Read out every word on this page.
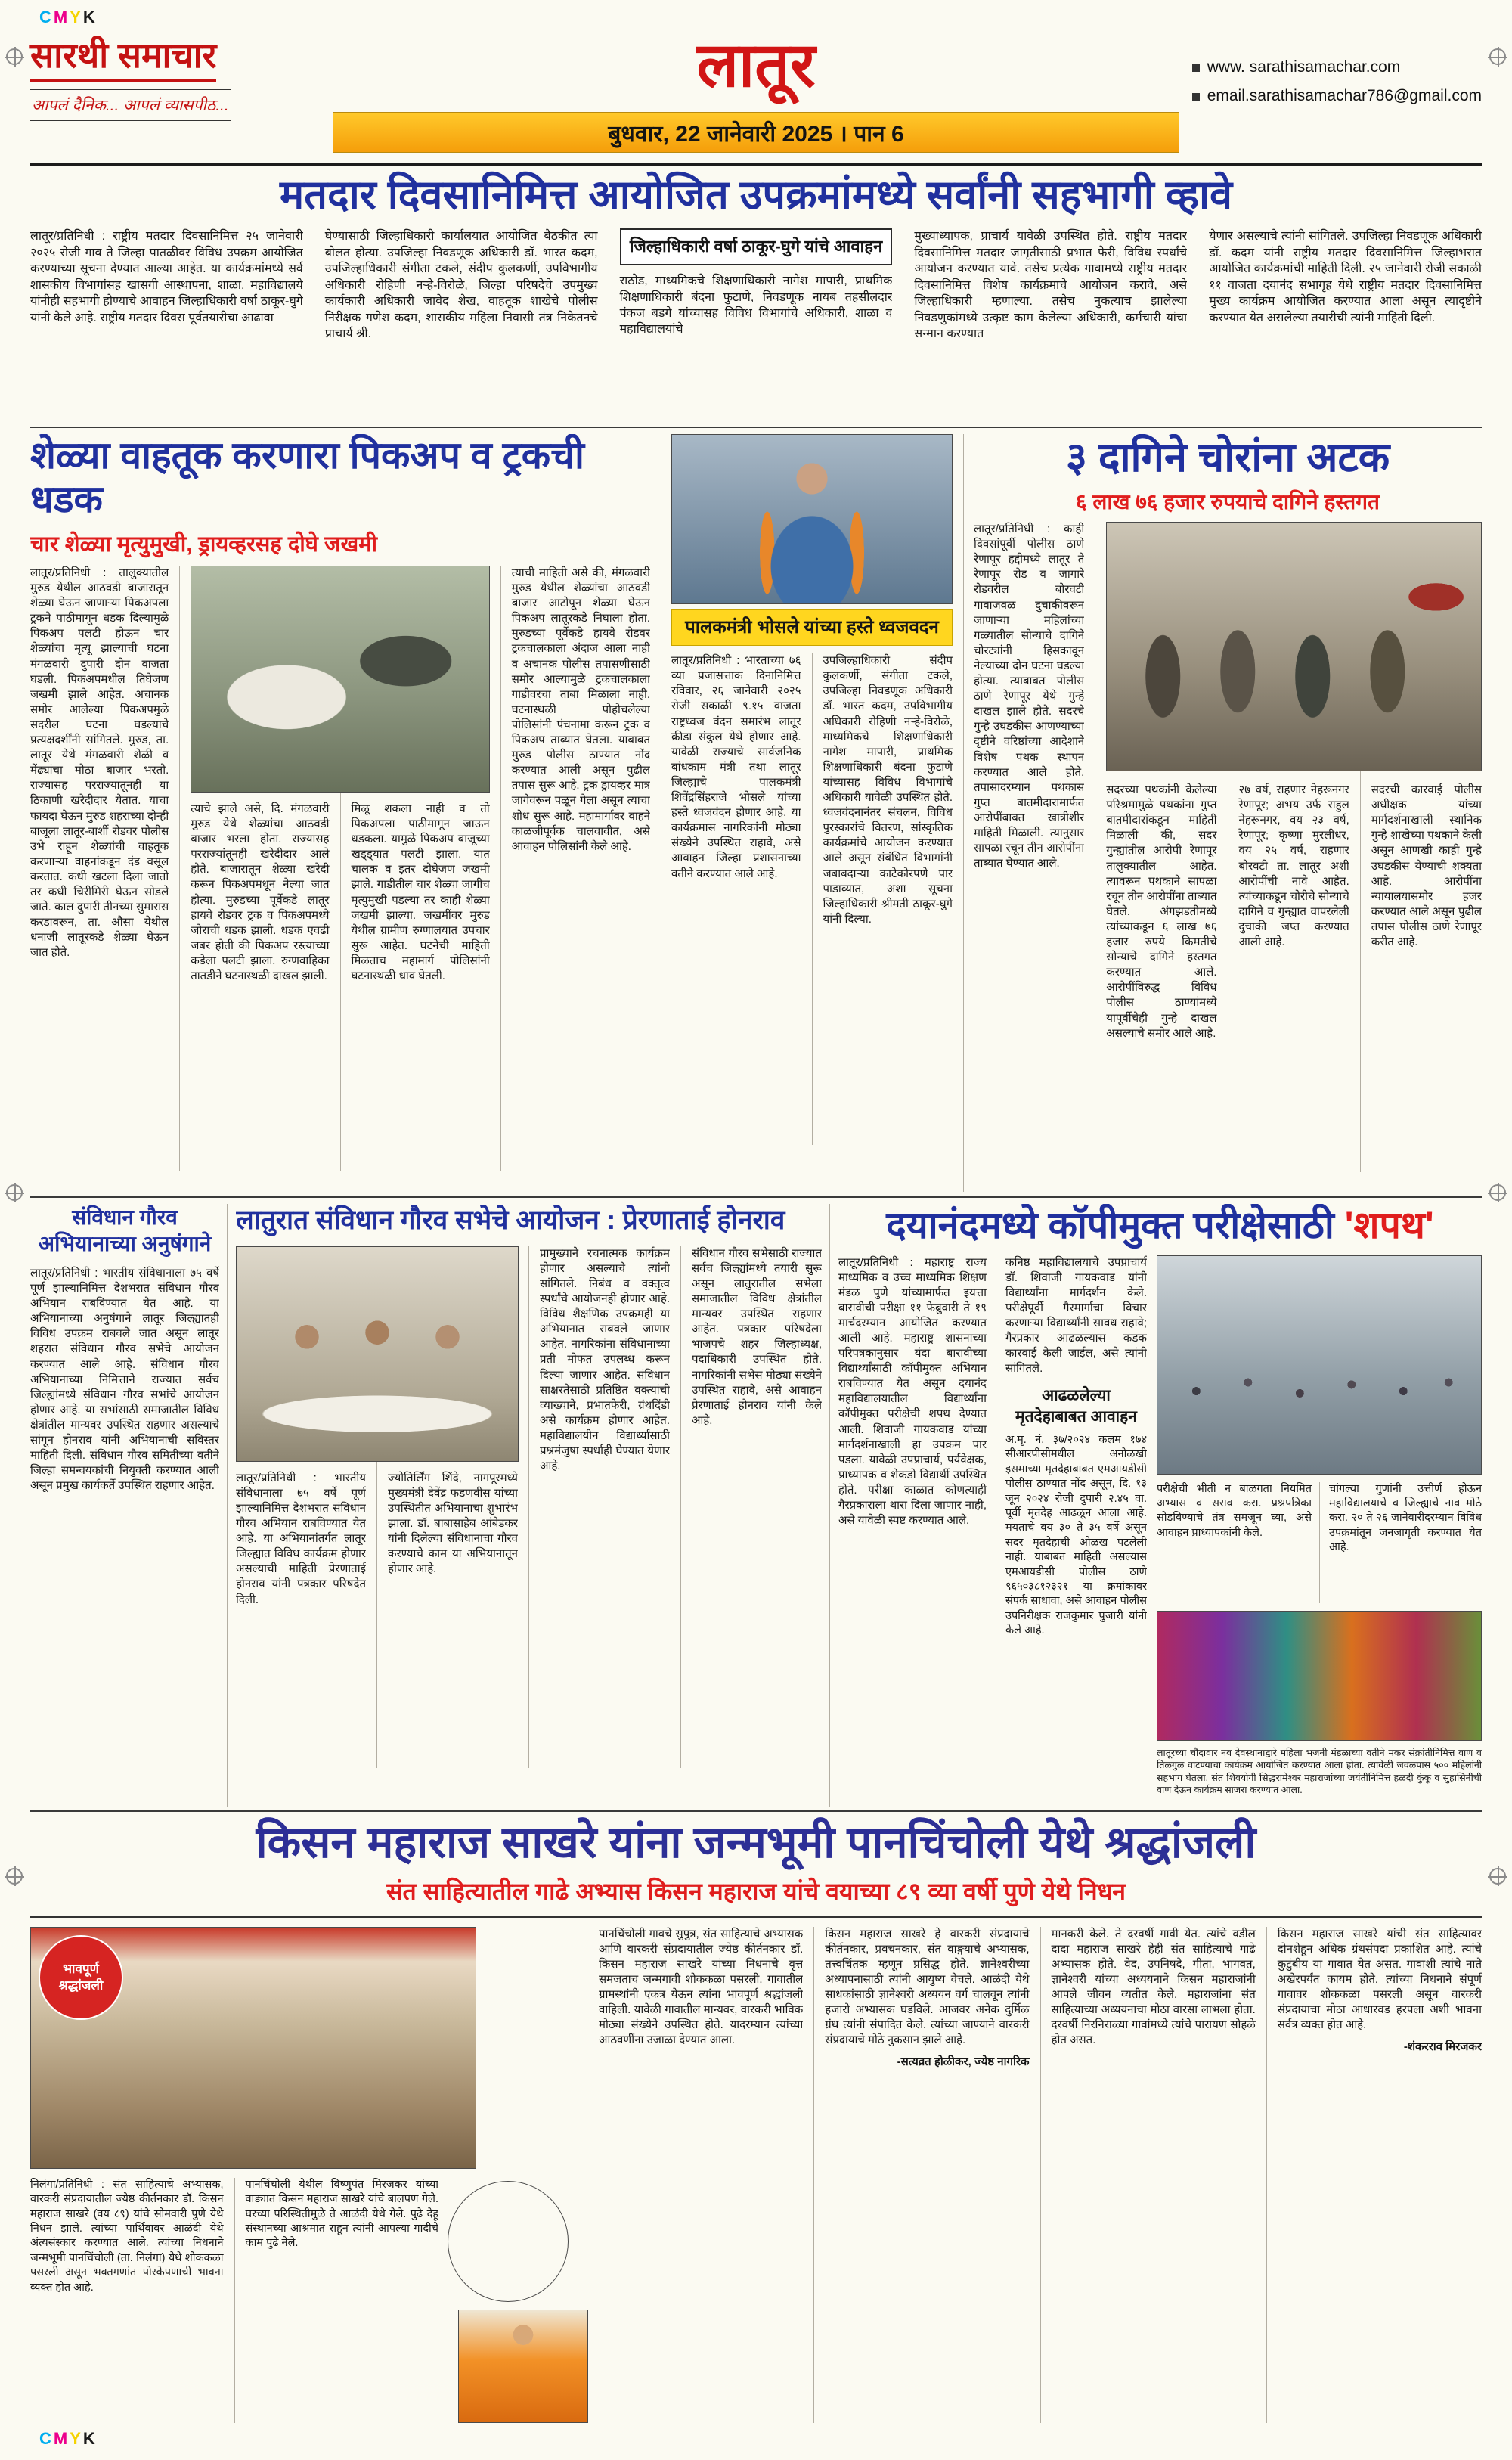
CMYK
सारथी समाचार
आपलं दैनिक... आपलं व्यासपीठ...
लातूर
बुधवार, 22 जानेवारी 2025 । पान 6
www. sarathisamachar.com
email.sarathisamachar786@gmail.com
मतदार दिवसानिमित्त आयोजित उपक्रमांमध्ये सर्वांनी सहभागी व्हावे

लातूर/प्रतिनिधी : राष्ट्रीय मतदार दिवसानिमित्त २५ जानेवारी २०२५ रोजी गाव ते जिल्हा पातळीवर विविध उपक्रम आयोजित करण्याच्या सूचना देण्यात आल्या आहेत. या कार्यक्रमांमध्ये सर्व शासकीय विभागांसह खासगी आस्थापना, शाळा, महाविद्यालये यांनीही सहभागी होण्याचे आवाहन जिल्हाधिकारी वर्षा ठाकूर-घुगे यांनी केले आहे. राष्ट्रीय मतदार दिवस पूर्वतयारीचा आढावा

घेण्यासाठी जिल्हाधिकारी कार्यालयात आयोजित बैठकीत त्या बोलत होत्या. उपजिल्हा निवडणूक अधिकारी डॉ. भारत कदम, उपजिल्हाधिकारी संगीता टकले, संदीप कुलकर्णी, उपविभागीय अधिकारी रोहिणी नऱ्हे-विरोळे, जिल्हा परिषदेचे उपमुख्य कार्यकारी अधिकारी जावेद शेख, वाहतूक शाखेचे पोलीस निरीक्षक गणेश कदम, शासकीय महिला निवासी तंत्र निकेतनचे प्राचार्य श्री.

जिल्हाधिकारी वर्षा ठाकूर-घुगे यांचे आवाहन

राठोड, माध्यमिकचे शिक्षणाधिकारी नागेश मापारी, प्राथमिक शिक्षणाधिकारी बंदना फुटाणे, निवडणूक नायब तहसीलदार पंकज बडगे यांच्यासह विविध विभागांचे अधिकारी, शाळा व महाविद्यालयांचे

मुख्याध्यापक, प्राचार्य यावेळी उपस्थित होते. राष्ट्रीय मतदार दिवसानिमित्त मतदार जागृतीसाठी प्रभात फेरी, विविध स्पर्धांचे आयोजन करण्यात यावे. तसेच प्रत्येक गावामध्ये राष्ट्रीय मतदार दिवसानिमित्त विशेष कार्यक्रमाचे आयोजन करावे, असे जिल्हाधिकारी म्हणाल्या. तसेच नुकत्याच झालेल्या निवडणुकांमध्ये उत्कृष्ट काम केलेल्या अधिकारी, कर्मचारी यांचा सन्मान करण्यात

येणार असल्याचे त्यांनी सांगितले. उपजिल्हा निवडणूक अधिकारी डॉ. कदम यांनी राष्ट्रीय मतदार दिवसानिमित्त जिल्हाभरात आयोजित कार्यक्रमांची माहिती दिली. २५ जानेवारी रोजी सकाळी ११ वाजता दयानंद सभागृह येथे राष्ट्रीय मतदार दिवसानिमित्त मुख्य कार्यक्रम आयोजित करण्यात आला असून त्यादृष्टीने करण्यात येत असलेल्या तयारीची त्यांनी माहिती दिली.

शेळ्या वाहतूक करणारा पिकअप व ट्रकची धडक
चार शेळ्या मृत्युमुखी, ड्रायव्हरसह दोघे जखमी

लातूर/प्रतिनिधी : तालुक्यातील मुरुड येथील आठवडी बाजारातून शेळ्या घेऊन जाणाऱ्या पिकअपला ट्रकने पाठीमागून धडक दिल्यामुळे पिकअप पलटी होऊन चार शेळ्यांचा मृत्यू झाल्याची घटना मंगळवारी दुपारी दोन वाजता घडली. पिकअपमधील तिघेजण जखमी झाले आहेत. अचानक समोर आलेल्या पिकअपमुळे सदरील घटना घडल्याचे प्रत्यक्षदर्शींनी सांगितले. मुरुड, ता. लातूर येथे मंगळवारी शेळी व मेंढ्यांचा मोठा बाजार भरतो. राज्यासह परराज्यातूनही या ठिकाणी खरेदीदार येतात. याचा फायदा घेऊन मुरुड शहराच्या दोन्ही बाजूला लातूर-बार्शी रोडवर पोलीस उभे राहून शेळ्यांची वाहतूक करणाऱ्या वाहनांकडून दंड वसूल करतात. कधी खटला दिला जातो तर कधी चिरीमिरी घेऊन सोडले जाते. काल दुपारी तीनच्या सुमारास करडावरून, ता. औसा येथील धनाजी लातूरकडे शेळ्या घेऊन जात होते.

त्याचे झाले असे, दि. मंगळवारी मुरुड येथे शेळ्यांचा आठवडी बाजार भरला होता. राज्यासह परराज्यांतूनही खरेदीदार आले होते. बाजारातून शेळ्या खरेदी करून पिकअपमधून नेल्या जात होत्या. मुरुडच्या पूर्वेकडे लातूर हायवे रोडवर ट्रक व पिकअपमध्ये जोराची धडक झाली. धडक एवढी जबर होती की पिकअप रस्त्याच्या कडेला पलटी झाला. रुग्णवाहिका तातडीने घटनास्थळी दाखल झाली.

मिळू शकला नाही व तो पिकअपला पाठीमागून जाऊन धडकला. यामुळे पिकअप बाजूच्या खड्ड्यात पलटी झाला. यात चालक व इतर दोघेजण जखमी झाले. गाडीतील चार शेळ्या जागीच मृत्युमुखी पडल्या तर काही शेळ्या जखमी झाल्या. जखमींवर मुरुड येथील ग्रामीण रुग्णालयात उपचार सुरू आहेत. घटनेची माहिती मिळताच महामार्ग पोलिसांनी घटनास्थळी धाव घेतली.

त्याची माहिती असे की, मंगळवारी मुरुड येथील शेळ्यांचा आठवडी बाजार आटोपून शेळ्या घेऊन पिकअप लातूरकडे निघाला होता. मुरुडच्या पूर्वेकडे हायवे रोडवर ट्रकचालकाला अंदाज आला नाही व अचानक पोलीस तपासणीसाठी समोर आल्यामुळे ट्रकचालकाला गाडीवरचा ताबा मिळाला नाही. घटनास्थळी पोहोचलेल्या पोलिसांनी पंचनामा करून ट्रक व पिकअप ताब्यात घेतला. याबाबत मुरुड पोलीस ठाण्यात नोंद करण्यात आली असून पुढील तपास सुरू आहे. ट्रक ड्रायव्हर मात्र जागेवरून पळून गेला असून त्याचा शोध सुरू आहे. महामार्गावर वाहने काळजीपूर्वक चालवावीत, असे आवाहन पोलिसांनी केले आहे.

पालकमंत्री भोसले यांच्या हस्ते ध्वजवदन

लातूर/प्रतिनिधी : भारताच्या ७६ व्या प्रजासत्ताक दिनानिमित्त रविवार, २६ जानेवारी २०२५ रोजी सकाळी ९.१५ वाजता राष्ट्रध्वज वंदन समारंभ लातूर क्रीडा संकुल येथे होणार आहे. यावेळी राज्याचे सार्वजनिक बांधकाम मंत्री तथा लातूर जिल्ह्याचे पालकमंत्री शिवेंद्रसिंहराजे भोसले यांच्या हस्ते ध्वजवंदन होणार आहे. या कार्यक्रमास नागरिकांनी मोठ्या संख्येने उपस्थित राहावे, असे आवाहन जिल्हा प्रशासनाच्या वतीने करण्यात आले आहे.

उपजिल्हाधिकारी संदीप कुलकर्णी, संगीता टकले, उपजिल्हा निवडणूक अधिकारी डॉ. भारत कदम, उपविभागीय अधिकारी रोहिणी नऱ्हे-विरोळे, माध्यमिकचे शिक्षणाधिकारी नागेश मापारी, प्राथमिक शिक्षणाधिकारी बंदना फुटाणे यांच्यासह विविध विभागांचे अधिकारी यावेळी उपस्थित होते. ध्वजवंदनानंतर संचलन, विविध पुरस्कारांचे वितरण, सांस्कृतिक कार्यक्रमांचे आयोजन करण्यात आले असून संबंधित विभागांनी जबाबदाऱ्या काटेकोरपणे पार पाडाव्यात, अशा सूचना जिल्हाधिकारी श्रीमती ठाकूर-घुगे यांनी दिल्या.

३ दागिने चोरांना अटक
६ लाख ७६ हजार रुपयाचे दागिने हस्तगत

लातूर/प्रतिनिधी : काही दिवसांपूर्वी पोलीस ठाणे रेणापूर हद्दीमध्ये लातूर ते रेणापूर रोड व जागारे रोडवरील बोरवटी गावाजवळ दुचाकीवरून जाणाऱ्या महिलांच्या गळ्यातील सोन्याचे दागिने चोरट्यांनी हिसकावून नेल्याच्या दोन घटना घडल्या होत्या. त्याबाबत पोलीस ठाणे रेणापूर येथे गुन्हे दाखल झाले होते. सदरचे गुन्हे उघडकीस आणण्याच्या दृष्टीने वरिष्ठांच्या आदेशाने विशेष पथक स्थापन करण्यात आले होते. तपासादरम्यान पथकास गुप्त बातमीदारामार्फत आरोपींबाबत खात्रीशीर माहिती मिळाली. त्यानुसार सापळा रचून तीन आरोपींना ताब्यात घेण्यात आले.

सदरच्या पथकांनी केलेल्या परिश्रमामुळे पथकांना गुप्त बातमीदारांकडून माहिती मिळाली की, सदर गुन्ह्यांतील आरोपी रेणापूर तालुक्यातील आहेत. त्यावरून पथकाने सापळा रचून तीन आरोपींना ताब्यात घेतले. अंगझडतीमध्ये त्यांच्याकडून ६ लाख ७६ हजार रुपये किमतीचे सोन्याचे दागिने हस्तगत करण्यात आले. आरोपींविरुद्ध विविध पोलीस ठाण्यांमध्ये यापूर्वीचेही गुन्हे दाखल असल्याचे समोर आले आहे.

२७ वर्ष, राहणार नेहरूनगर रेणापूर; अभय उर्फ राहुल नेहरूनगर, वय २३ वर्ष, रेणापूर; कृष्णा मुरलीधर, वय २५ वर्ष, राहणार बोरवटी ता. लातूर अशी आरोपींची नावे आहेत. त्यांच्याकडून चोरीचे सोन्याचे दागिने व गुन्ह्यात वापरलेली दुचाकी जप्त करण्यात आली आहे.

सदरची कारवाई पोलीस अधीक्षक यांच्या मार्गदर्शनाखाली स्थानिक गुन्हे शाखेच्या पथकाने केली असून आणखी काही गुन्हे उघडकीस येण्याची शक्यता आहे. आरोपींना न्यायालयासमोर हजर करण्यात आले असून पुढील तपास पोलीस ठाणे रेणापूर करीत आहे.

संविधान गौरव अभियानाच्या अनुषंगाने

लातूर/प्रतिनिधी : भारतीय संविधानाला ७५ वर्षे पूर्ण झाल्यानिमित्त देशभरात संविधान गौरव अभियान राबविण्यात येत आहे. या अभियानाच्या अनुषंगाने लातूर जिल्ह्यातही विविध उपक्रम राबवले जात असून लातूर शहरात संविधान गौरव सभेचे आयोजन करण्यात आले आहे. संविधान गौरव अभियानाच्या निमित्ताने राज्यात सर्वच जिल्ह्यांमध्ये संविधान गौरव सभांचे आयोजन होणार आहे. या सभांसाठी समाजातील विविध क्षेत्रांतील मान्यवर उपस्थित राहणार असल्याचे सांगून होनराव यांनी अभियानाची सविस्तर माहिती दिली. संविधान गौरव समितीच्या वतीने जिल्हा समन्वयकांची नियुक्ती करण्यात आली असून प्रमुख कार्यकर्ते उपस्थित राहणार आहेत.

लातुरात संविधान गौरव सभेचे आयोजन : प्रेरणाताई होनराव

लातूर/प्रतिनिधी : भारतीय संविधानाला ७५ वर्षे पूर्ण झाल्यानिमित्त देशभरात संविधान गौरव अभियान राबविण्यात येत आहे. या अभियानांतर्गत लातूर जिल्ह्यात विविध कार्यक्रम होणार असल्याची माहिती प्रेरणाताई होनराव यांनी पत्रकार परिषदेत दिली.

ज्योतिर्लिंग शिंदे, नागपूरमध्ये मुख्यमंत्री देवेंद्र फडणवीस यांच्या उपस्थितीत अभियानाचा शुभारंभ झाला. डॉ. बाबासाहेब आंबेडकर यांनी दिलेल्या संविधानाचा गौरव करण्याचे काम या अभियानातून होणार आहे.

प्रामुख्याने रचनात्मक कार्यक्रम होणार असल्याचे त्यांनी सांगितले. निबंध व वक्तृत्व स्पर्धांचे आयोजनही होणार आहे. विविध शैक्षणिक उपक्रमही या अभियानात राबवले जाणार आहेत. नागरिकांना संविधानाच्या प्रती मोफत उपलब्ध करून दिल्या जाणार आहेत. संविधान साक्षरतेसाठी प्रतिष्ठित वक्त्यांची व्याख्याने, प्रभातफेरी, ग्रंथदिंडी असे कार्यक्रम होणार आहेत. महाविद्यालयीन विद्यार्थ्यांसाठी प्रश्नमंजुषा स्पर्धाही घेण्यात येणार आहे.

संविधान गौरव सभेसाठी राज्यात सर्वच जिल्ह्यांमध्ये तयारी सुरू असून लातुरातील सभेला समाजातील विविध क्षेत्रांतील मान्यवर उपस्थित राहणार आहेत. पत्रकार परिषदेला भाजपचे शहर जिल्हाध्यक्ष, पदाधिकारी उपस्थित होते. नागरिकांनी सभेस मोठ्या संख्येने उपस्थित राहावे, असे आवाहन प्रेरणाताई होनराव यांनी केले आहे.

दयानंदमध्ये कॉपीमुक्त परीक्षेसाठी 'शपथ'

लातूरच्या चौदावार नव देवस्थानाद्वारे महिला भजनी मंडळाच्या वतीने मकर संक्रांतीनिमित्त वाण व तिळगुळ वाटण्याचा कार्यक्रम आयोजित करण्यात आला होता. त्यावेळी जवळपास ५०० महिलांनी सहभाग घेतला. संत शिवयोगी सिद्धरामेश्वर महाराजांच्या जयंतीनिमित्त हळदी कुंकू व सुहासिनींची वाण देऊन कार्यक्रम साजरा करण्यात आला.

लातूर/प्रतिनिधी : महाराष्ट्र राज्य माध्यमिक व उच्च माध्यमिक शिक्षण मंडळ पुणे यांच्यामार्फत इयत्ता बारावीची परीक्षा ११ फेब्रुवारी ते १९ मार्चदरम्यान आयोजित करण्यात आली आहे. महाराष्ट्र शासनाच्या परिपत्रकानुसार यंदा बारावीच्या विद्यार्थ्यांसाठी कॉपीमुक्त अभियान राबविण्यात येत असून दयानंद महाविद्यालयातील विद्यार्थ्यांना कॉपीमुक्त परीक्षेची शपथ देण्यात आली. शिवाजी गायकवाड यांच्या मार्गदर्शनाखाली हा उपक्रम पार पडला. यावेळी उपप्राचार्य, पर्यवेक्षक, प्राध्यापक व शेकडो विद्यार्थी उपस्थित होते. परीक्षा काळात कोणत्याही गैरप्रकाराला थारा दिला जाणार नाही, असे यावेळी स्पष्ट करण्यात आले.

कनिष्ठ महाविद्यालयाचे उपप्राचार्य डॉ. शिवाजी गायकवाड यांनी विद्यार्थ्यांना मार्गदर्शन केले. परीक्षेपूर्वी गैरमार्गाचा विचार करणाऱ्या विद्यार्थ्यांनी सावध राहावे; गैरप्रकार आढळल्यास कडक कारवाई केली जाईल, असे त्यांनी सांगितले.

आढळलेल्या मृतदेहाबाबत आवाहन

अ.मृ. नं. ३७/२०२४ कलम १७४ सीआरपीसीमधील अनोळखी इसमाच्या मृतदेहाबाबत एमआयडीसी पोलीस ठाण्यात नोंद असून, दि. १३ जून २०२४ रोजी दुपारी २.४५ वा. पूर्वी मृतदेह आढळून आला आहे. मयताचे वय ३० ते ३५ वर्षे असून सदर मृतदेहाची ओळख पटलेली नाही. याबाबत माहिती असल्यास एमआयडीसी पोलीस ठाणे ९६५०३८१२३२१ या क्रमांकावर संपर्क साधावा, असे आवाहन पोलीस उपनिरीक्षक राजकुमार पुजारी यांनी केले आहे.

परीक्षेची भीती न बाळगता नियमित अभ्यास व सराव करा. प्रश्नपत्रिका सोडविण्याचे तंत्र समजून घ्या, असे आवाहन प्राध्यापकांनी केले.

चांगल्या गुणांनी उत्तीर्ण होऊन महाविद्यालयाचे व जिल्ह्याचे नाव मोठे करा. २० ते २६ जानेवारीदरम्यान विविध उपक्रमांतून जनजागृती करण्यात येत आहे.

किसन महाराज साखरे यांना जन्मभूमी पानचिंचोली येथे श्रद्धांजली
संत साहित्यातील गाढे अभ्यास किसन महाराज यांचे वयाच्या ८९ व्या वर्षी पुणे येथे निधन
भावपूर्ण श्रद्धांजली

निलंगा/प्रतिनिधी : संत साहित्याचे अभ्यासक, वारकरी संप्रदायातील ज्येष्ठ कीर्तनकार डॉ. किसन महाराज साखरे (वय ८९) यांचे सोमवारी पुणे येथे निधन झाले. त्यांच्या पार्थिवावर आळंदी येथे अंत्यसंस्कार करण्यात आले. त्यांच्या निधनाने जन्मभूमी पानचिंचोली (ता. निलंगा) येथे शोककळा पसरली असून भक्तगणांत पोरकेपणाची भावना व्यक्त होत आहे.

पानचिंचोली येथील विष्णुपंत मिरजकर यांच्या वाड्यात किसन महाराज साखरे यांचे बालपण गेले. घरच्या परिस्थितीमुळे ते आळंदी येथे गेले. पुढे देहू संस्थानच्या आश्रमात राहून त्यांनी आपल्या गादीचे काम पुढे नेले.

पानचिंचोली गावचे सुपुत्र, संत साहित्याचे अभ्यासक आणि वारकरी संप्रदायातील ज्येष्ठ कीर्तनकार डॉ. किसन महाराज साखरे यांच्या निधनाचे वृत्त समजताच जन्मगावी शोककळा पसरली. गावातील ग्रामस्थांनी एकत्र येऊन त्यांना भावपूर्ण श्रद्धांजली वाहिली. यावेळी गावातील मान्यवर, वारकरी भाविक मोठ्या संख्येने उपस्थित होते. यादरम्यान त्यांच्या आठवणींना उजाळा देण्यात आला.

किसन महाराज साखरे हे वारकरी संप्रदायाचे कीर्तनकार, प्रवचनकार, संत वाङ्मयाचे अभ्यासक, तत्त्वचिंतक म्हणून प्रसिद्ध होते. ज्ञानेश्वरीच्या अध्यापनासाठी त्यांनी आयुष्य वेचले. आळंदी येथे साधकांसाठी ज्ञानेश्वरी अध्ययन वर्ग चालवून त्यांनी हजारो अभ्यासक घडविले. आजवर अनेक दुर्मिळ ग्रंथ त्यांनी संपादित केले. त्यांच्या जाण्याने वारकरी संप्रदायाचे मोठे नुकसान झाले आहे.

-सत्यव्रत होळीकर, ज्येष्ठ नागरिक

मानकरी केले. ते दरवर्षी गावी येत. त्यांचे वडील दादा महाराज साखरे हेही संत साहित्याचे गाढे अभ्यासक होते. वेद, उपनिषदे, गीता, भागवत, ज्ञानेश्वरी यांच्या अध्ययनाने किसन महाराजांनी आपले जीवन व्यतीत केले. महाराजांना संत साहित्याच्या अध्ययनाचा मोठा वारसा लाभला होता. दरवर्षी निरनिराळ्या गावांमध्ये त्यांचे पारायण सोहळे होत असत.

किसन महाराज साखरे यांची संत साहित्यावर दोनशेहून अधिक ग्रंथसंपदा प्रकाशित आहे. त्यांचे कुटुंबीय या गावात येत असत. गावाशी त्यांचे नाते अखेरपर्यंत कायम होते. त्यांच्या निधनाने संपूर्ण गावावर शोककळा पसरली असून वारकरी संप्रदायाचा मोठा आधारवड हरपला अशी भावना सर्वत्र व्यक्त होत आहे.

-शंकरराव मिरजकर
CMYK
